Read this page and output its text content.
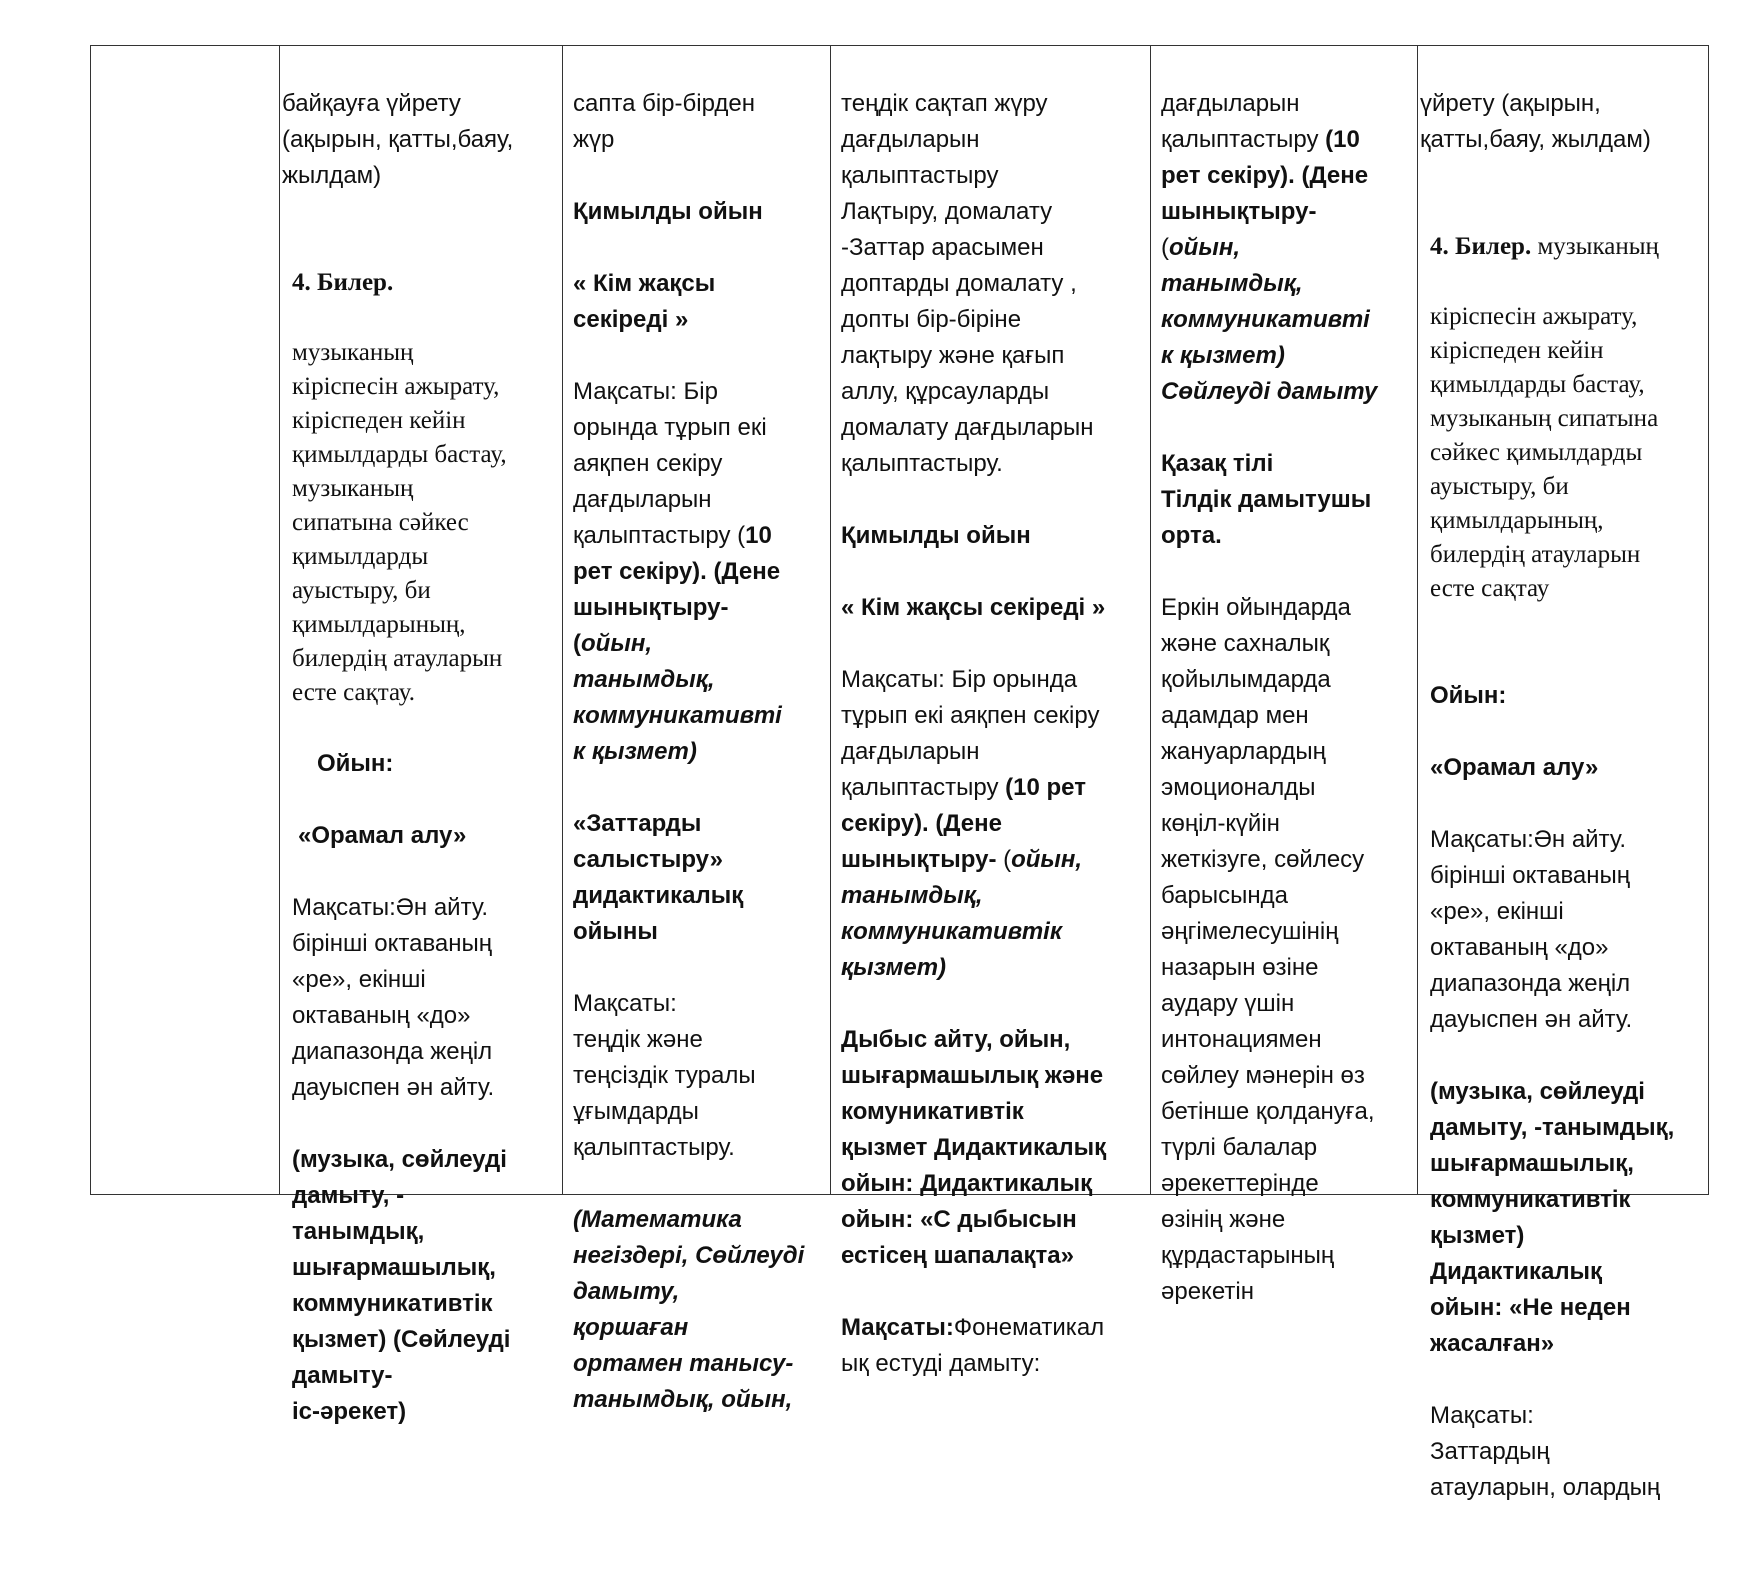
байқауға үйрету
(ақырын, қатты,баяу,
жылдам)

4. Билер.

музыканың
кіріспесін ажырату,
кіріспеден кейін
қимылдарды бастау,
музыканың
сипатына сәйкес
қимылдарды
ауыстыру, би
қимылдарының,
билердің атауларын
есте сақтау.

Ойын:

«Орамал алу»

Мақсаты:Ән айту.
бірінші октаваның
«ре», екінші
октаваның «до»
диапазонда жеңіл
дауыспен ән айту.

(музыка, сөйлеуді
дамыту, -
танымдық,
шығармашылық,
коммуникативтік
қызмет) (Сөйлеуді
дамыту-
іс-әрекет)

сапта бір-бірден
жүр

Қимылды ойын

« Кім жақсы
секіреді »

Мақсаты: Бір
орында тұрып екі
аяқпен секіру
дағдыларын
қалыптастыру (10
рет секіру). (Дене
шынықтыру-

(ойын,
танымдық,
коммуникативті
к қызмет)

«Заттарды
салыстыру»
дидактикалық
ойыны

Мақсаты:
теңдік және
теңсіздік туралы
ұғымдарды
қалыптастыру.

(Математика
негіздері, Сөйлеуді
дамыту,
қоршаған
ортамен танысу-
танымдық, ойын,

теңдік сақтап жүру
дағдыларын
қалыптастыру
Лақтыру, домалату
-Заттар арасымен
доптарды домалату ,
допты бір-біріне
лақтыру және қағып
аллу, құрсауларды
домалату дағдыларын
қалыптастыру.

Қимылды ойын

« Кім жақсы секіреді »

Мақсаты: Бір орында
тұрып екі аяқпен секіру
дағдыларын
қалыптастыру (10 рет
секіру). (Дене
шынықтыру- (ойын,
танымдық,
коммуникативтік
қызмет)

Дыбыс айту, ойын,
шығармашылық және
комуникативтік
қызмет Дидактикалық
ойын: Дидактикалық
ойын: «С дыбысын
естісең шапалақта»

Мақсаты:Фонематикал
ық естуді дамыту:

дағдыларын
қалыптастыру (10
рет секіру). (Дене
шынықтыру-

(ойын,
танымдық,
коммуникативті
к қызмет)
Сөйлеуді дамыту

Қазақ тілі
Тілдік дамытушы
орта.

Еркін ойындарда
және сахналық
қойылымдарда
адамдар мен
жануарлардың
эмоционалды
көңіл-күйін
жеткізуге, сөйлесу
барысында
әңгімелесушінің
назарын өзіне
аудару үшін
интонациямен
сөйлеу мәнерін өз
бетінше қолдануға,
түрлі балалар
әрекеттерінде
өзінің және
құрдастарының
әрекетін

үйрету (ақырын,
қатты,баяу, жылдам)

4. Билер. музыканың

кіріспесін ажырату,
кіріспеден кейін
қимылдарды бастау,
музыканың сипатына
сәйкес қимылдарды
ауыстыру, би
қимылдарының,
билердің атауларын
есте сақтау

Ойын:

«Орамал алу»

Мақсаты:Ән айту.
бірінші октаваның
«ре», екінші
октаваның «до»
диапазонда жеңіл
дауыспен ән айту.

(музыка, сөйлеуді
дамыту, -танымдық,
шығармашылық,
коммуникативтік
қызмет)
Дидактикалық
ойын: «Не неден
жасалған»

Мақсаты:
Заттардың
атауларын, олардың
